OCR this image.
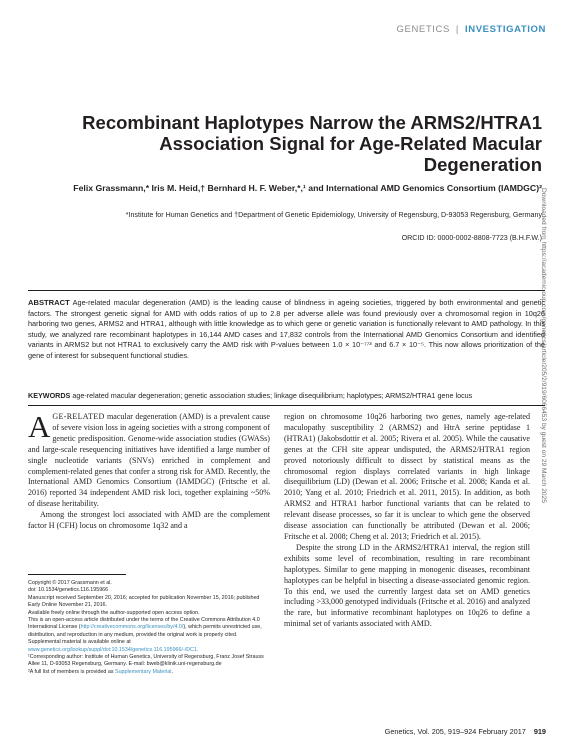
GENETICS | INVESTIGATION
Recombinant Haplotypes Narrow the ARMS2/HTRA1 Association Signal for Age-Related Macular Degeneration
Felix Grassmann,* Iris M. Heid,† Bernhard H. F. Weber,*,¹ and International AMD Genomics Consortium (IAMDGC)²
*Institute for Human Genetics and †Department of Genetic Epidemiology, University of Regensburg, D-93053 Regensburg, Germany
ORCID ID: 0000-0002-8808-7723 (B.H.F.W.)
Downloaded from https://academic.oup.com/genetics/article/205/2/919/6066453 by guest on 29 March 2025
ABSTRACT Age-related macular degeneration (AMD) is the leading cause of blindness in ageing societies, triggered by both environmental and genetic factors. The strongest genetic signal for AMD with odds ratios of up to 2.8 per adverse allele was found previously over a chromosomal region in 10q26 harboring two genes, ARMS2 and HTRA1, although with little knowledge as to which gene or genetic variation is functionally relevant to AMD pathology. In this study, we analyzed rare recombinant haplotypes in 16,144 AMD cases and 17,832 controls from the International AMD Genomics Consortium and identified variants in ARMS2 but not HTRA1 to exclusively carry the AMD risk with P-values between 1.0 × 10⁻⁷⁷³ and 6.7 × 10⁻⁵. This now allows prioritization of the gene of interest for subsequent functional studies.
KEYWORDS age-related macular degeneration; genetic association studies; linkage disequilibrium; haplotypes; ARMS2/HTRA1 gene locus

AGE-RELATED macular degeneration (AMD) is a prevalent cause of severe vision loss in ageing societies with a strong component of genetic predisposition. Genome-wide association studies (GWASs) and large-scale resequencing initiatives have identified a large number of single nucleotide variants (SNVs) enriched in complement and complement-related genes that confer a strong risk for AMD. Recently, the International AMD Genomics Consortium (IAMDGC) (Fritsche et al. 2016) reported 34 independent AMD risk loci, together explaining ~50% of disease heritability.

Among the strongest loci associated with AMD are the complement factor H (CFH) locus on chromosome 1q32 and a

region on chromosome 10q26 harboring two genes, namely age-related maculopathy susceptibility 2 (ARMS2) and HtrA serine peptidase 1 (HTRA1) (Jakobsdottir et al. 2005; Rivera et al. 2005). While the causative genes at the CFH site appear undisputed, the ARMS2/HTRA1 region proved notoriously difficult to dissect by statistical means as the chromosomal region displays correlated variants in high linkage disequilibrium (LD) (Dewan et al. 2006; Fritsche et al. 2008; Kanda et al. 2010; Yang et al. 2010; Friedrich et al. 2011, 2015). In addition, as both ARMS2 and HTRA1 harbor functional variants that can be related to relevant disease processes, so far it is unclear to which gene the observed disease association can functionally be attributed (Dewan et al. 2006; Fritsche et al. 2008; Cheng et al. 2013; Friedrich et al. 2015).

Despite the strong LD in the ARMS2/HTRA1 interval, the region still exhibits some level of recombination, resulting in rare recombinant haplotypes. Similar to gene mapping in monogenic diseases, recombinant haplotypes can be helpful in bisecting a disease-associated genomic region. To this end, we used the currently largest data set on AMD genetics including >33,000 genotyped individuals (Fritsche et al. 2016) and analyzed the rare, but informative recombinant haplotypes on 10q26 to define a minimal set of variants associated with AMD.

Copyright © 2017 Grassmann et al.
doi: 10.1534/genetics.116.195966
Manuscript received September 20, 2016; accepted for publication November 15, 2016; published Early Online November 21, 2016.
Available freely online through the author-supported open access option.
This is an open-access article distributed under the terms of the Creative Commons Attribution 4.0 International License (http://creativecommons.org/licenses/by/4.0/), which permits unrestricted use, distribution, and reproduction in any medium, provided the original work is properly cited.
Supplemental material is available online at www.genetics.org/lookup/suppl/doi:10.1534/genetics.116.195966/-/DC1.
¹Corresponding author: Institute of Human Genetics, University of Regensburg, Franz Josef Strauss Allee 11, D-93053 Regensburg, Germany. E-mail: bweb@klinik.uni-regensburg.de
²A full list of members is provided as Supplementary Material.
Genetics, Vol. 205, 919–924 February 2017 919
